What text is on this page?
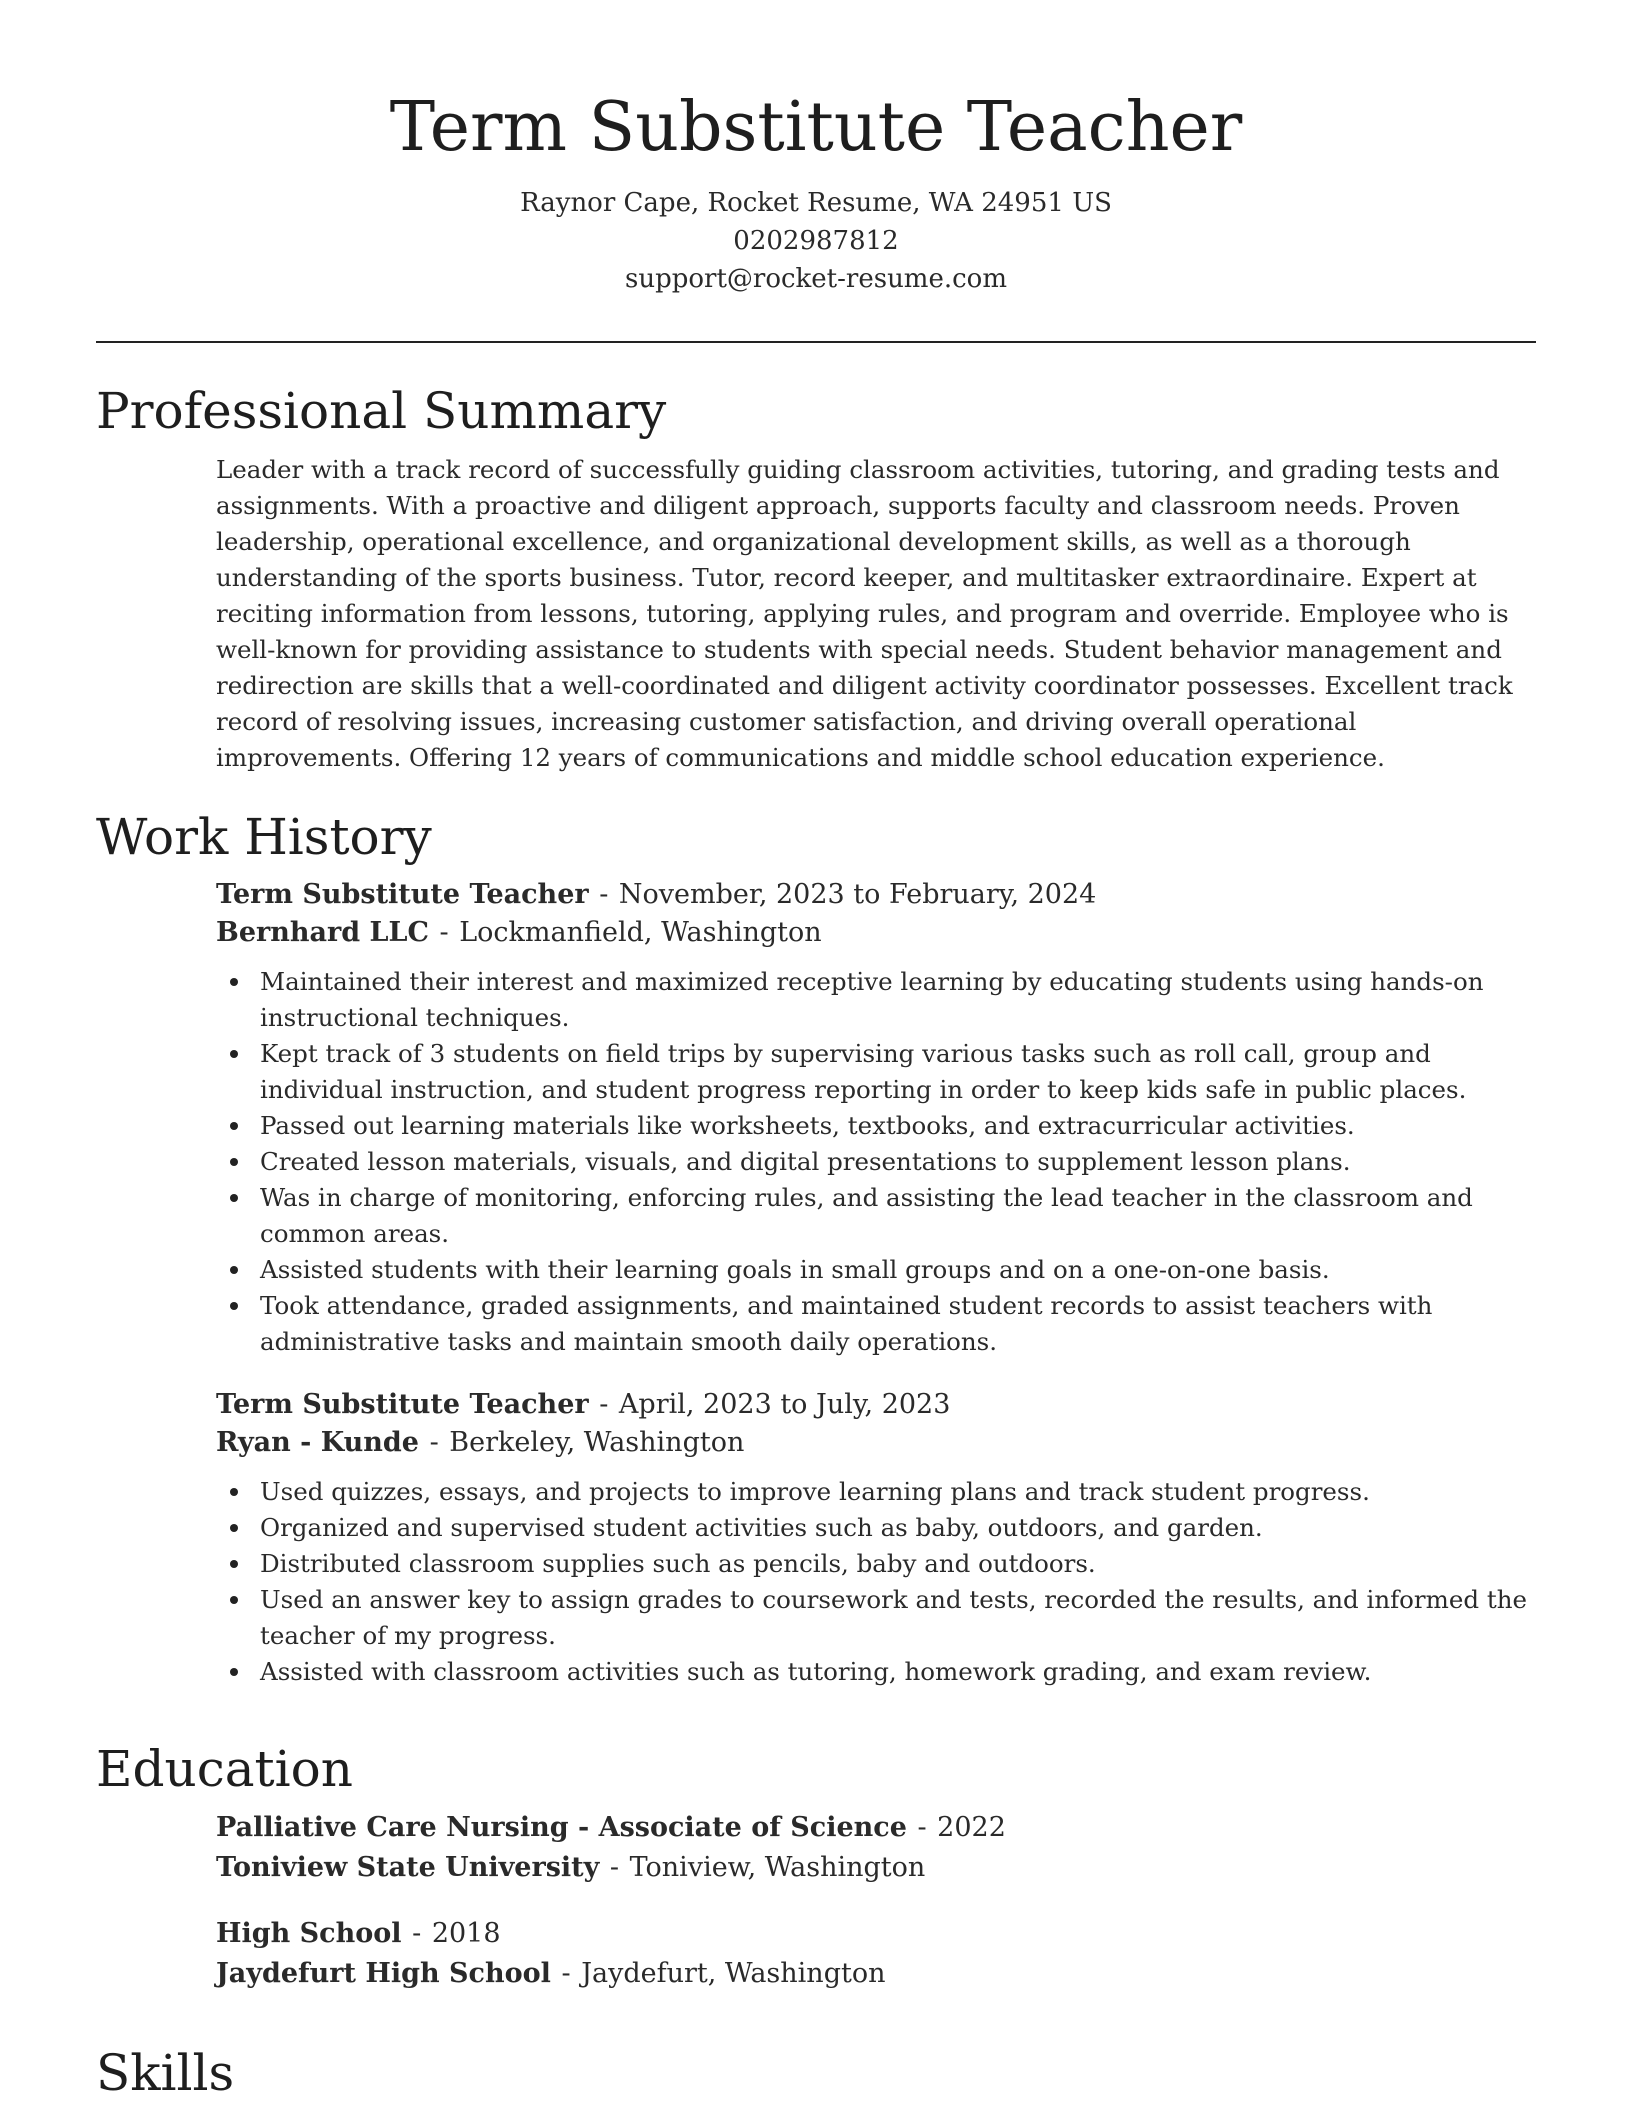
Term Substitute Teacher
Raynor Cape, Rocket Resume, WA 24951 US
0202987812
support@rocket-resume.com
Professional Summary

Leader with a track record of successfully guiding classroom activities, tutoring, and grading tests and assignments. With a proactive and diligent approach, supports faculty and classroom needs. Proven leadership, operational excellence, and organizational development skills, as well as a thorough understanding of the sports business. Tutor, record keeper, and multitasker extraordinaire. Expert at reciting information from lessons, tutoring, applying rules, and program and override. Employee who is well-known for providing assistance to students with special needs. Student behavior management and redirection are skills that a well-coordinated and diligent activity coordinator possesses. Excellent track record of resolving issues, increasing customer satisfaction, and driving overall operational improvements. Offering 12 years of communications and middle school education experience.

Work History
Term Substitute Teacher - November, 2023 to February, 2024
Bernhard LLC - Lockmanfield, Washington
Maintained their interest and maximized receptive learning by educating students using hands-on instructional techniques.
Kept track of 3 students on field trips by supervising various tasks such as roll call, group and individual instruction, and student progress reporting in order to keep kids safe in public places.
Passed out learning materials like worksheets, textbooks, and extracurricular activities.
Created lesson materials, visuals, and digital presentations to supplement lesson plans.
Was in charge of monitoring, enforcing rules, and assisting the lead teacher in the classroom and common areas.
Assisted students with their learning goals in small groups and on a one-on-one basis.
Took attendance, graded assignments, and maintained student records to assist teachers with administrative tasks and maintain smooth daily operations.
Term Substitute Teacher - April, 2023 to July, 2023
Ryan - Kunde - Berkeley, Washington
Used quizzes, essays, and projects to improve learning plans and track student progress.
Organized and supervised student activities such as baby, outdoors, and garden.
Distributed classroom supplies such as pencils, baby and outdoors.
Used an answer key to assign grades to coursework and tests, recorded the results, and informed the teacher of my progress.
Assisted with classroom activities such as tutoring, homework grading, and exam review.
Education
Palliative Care Nursing - Associate of Science - 2022
Toniview State University - Toniview, Washington
High School - 2018
Jaydefurt High School - Jaydefurt, Washington
Skills
